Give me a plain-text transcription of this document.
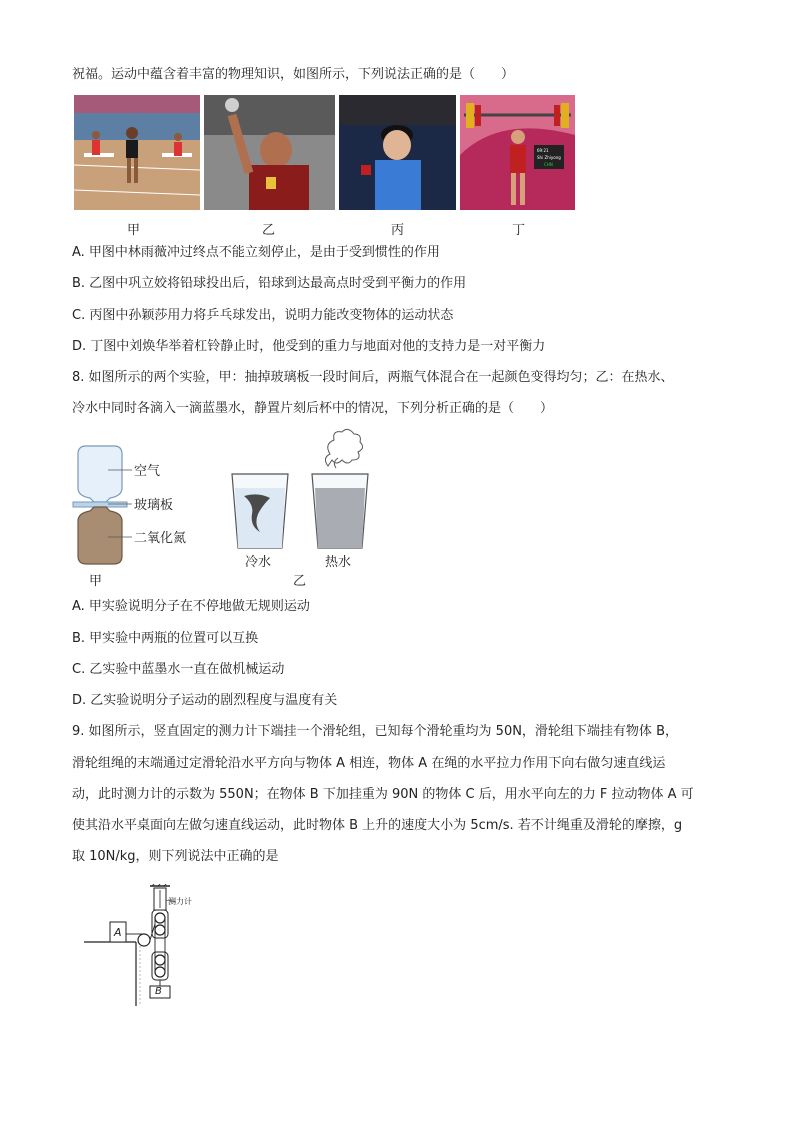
祝福。运动中蕴含着丰富的物理知识，如图所示，下列说法正确的是（　　）
69:21
Shi Zhiyong
CHN
甲	乙	丙	丁
A. 甲图中林雨薇冲过终点不能立刻停止，是由于受到惯性的作用
B. 乙图中巩立姣将铅球投出后，铅球到达最高点时受到平衡力的作用
C. 丙图中孙颖莎用力将乒乓球发出，说明力能改变物体的运动状态
D. 丁图中刘焕华举着杠铃静止时，他受到的重力与地面对他的支持力是一对平衡力
8. 如图所示的两个实验，甲：抽掉玻璃板一段时间后，两瓶气体混合在一起颜色变得均匀；乙：在热水、
冷水中同时各滴入一滴蓝墨水，静置片刻后杯中的情况，下列分析正确的是（　　）
空气
玻璃板
二氧化氮
甲
冷水	热水
乙
A. 甲实验说明分子在不停地做无规则运动
B. 甲实验中两瓶的位置可以互换
C. 乙实验中蓝墨水一直在做机械运动
D. 乙实验说明分子运动的剧烈程度与温度有关
9. 如图所示，竖直固定的测力计下端挂一个滑轮组，已知每个滑轮重均为 50N，滑轮组下端挂有物体 B，
滑轮组绳的末端通过定滑轮沿水平方向与物体 A 相连，物体 A 在绳的水平拉力作用下向右做匀速直线运
动，此时测力计的示数为 550N；在物体 B 下加挂重为 90N 的物体 C 后，用水平向左的力 F 拉动物体 A 可
使其沿水平桌面向左做匀速直线运动，此时物体 B 上升的速度大小为 5cm/s. 若不计绳重及滑轮的摩擦，g
取 10N/kg，则下列说法中正确的是
A
B
测力计
